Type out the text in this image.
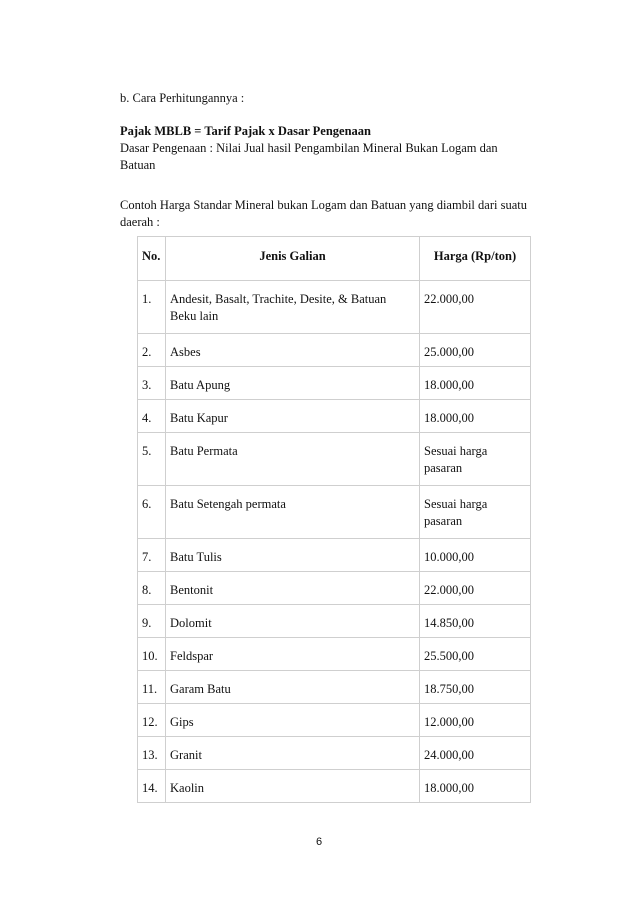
b. Cara Perhitungannya :
Pajak MBLB = Tarif Pajak x Dasar Pengenaan
Dasar Pengenaan : Nilai Jual hasil Pengambilan Mineral Bukan Logam dan
Batuan
Contoh Harga Standar Mineral bukan Logam dan Batuan yang diambil dari suatu
daerah :
No.	Jenis Galian	Harga (Rp/ton)

1.	Andesit, Basalt, Trachite, Desite, & Batuan
Beku lain	22.000,00

2.	Asbes	25.000,00

3.	Batu Apung	18.000,00

4.	Batu Kapur	18.000,00

5.	Batu Permata	Sesuai harga
pasaran

6.	Batu Setengah permata	Sesuai harga
pasaran

7.	Batu Tulis	10.000,00

8.	Bentonit	22.000,00

9.	Dolomit	14.850,00

10.	Feldspar	25.500,00

11.	Garam Batu	18.750,00

12.	Gips	12.000,00

13.	Granit	24.000,00

14.	Kaolin	18.000,00
6
